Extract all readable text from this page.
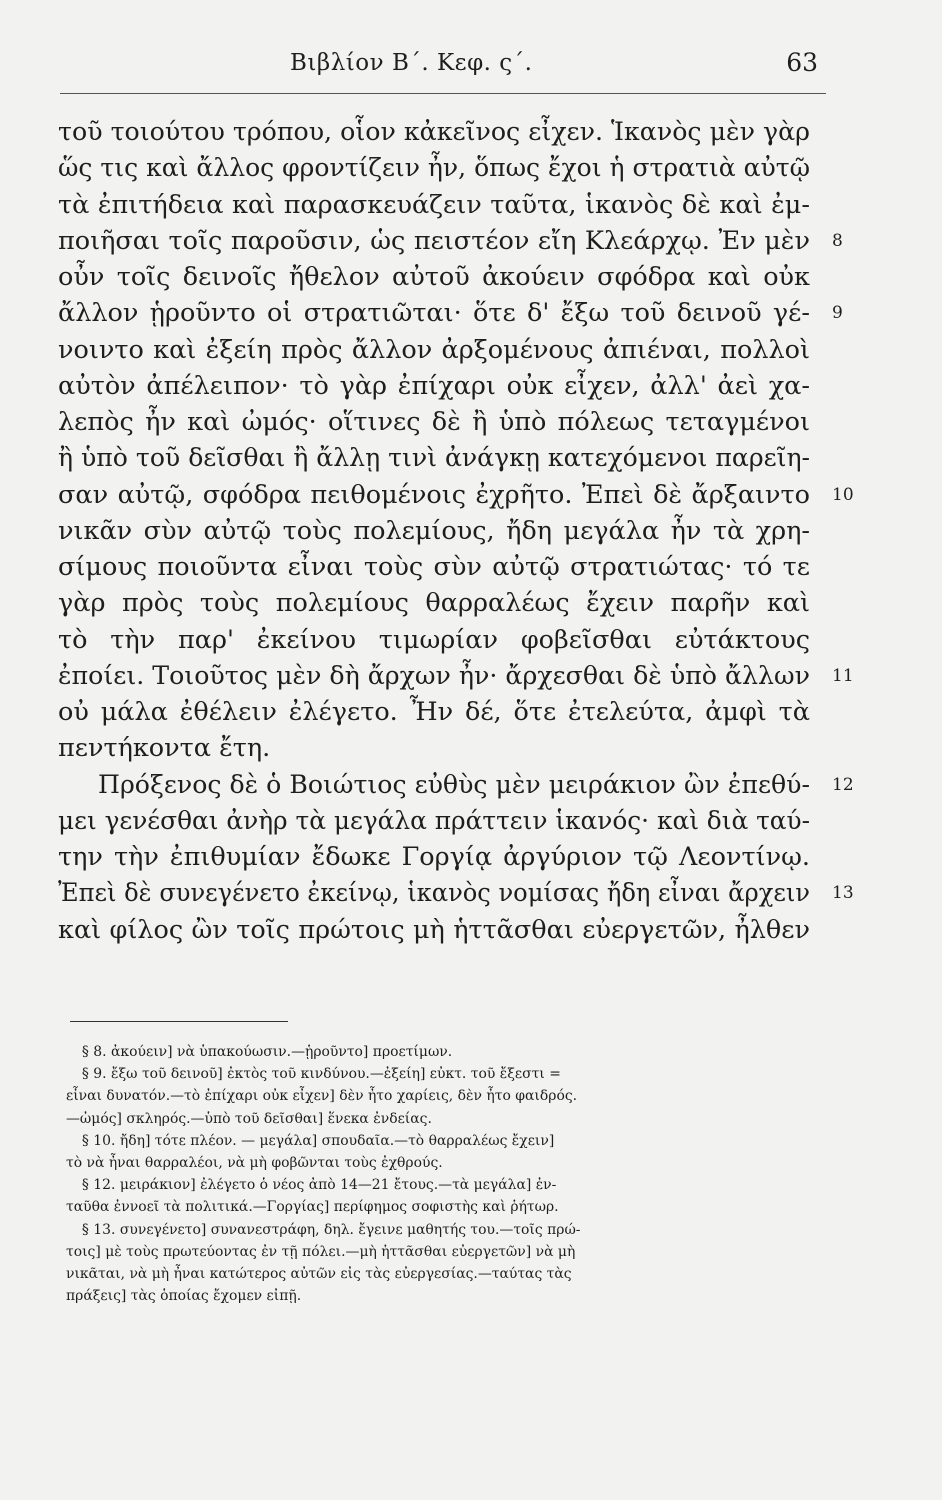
Βιβλίον Β΄. Κεφ. ς΄.	63
τοῦ τοιούτου τρόπου, οἷον κἀκεῖνος εἶχεν. Ἱκανὸς μὲν γὰρ
ὥς τις καὶ ἄλλος φροντίζειν ἦν, ὅπως ἔχοι ἡ στρατιὰ αὐτῷ
τὰ ἐπιτήδεια καὶ παρασκευάζειν ταῦτα, ἱκανὸς δὲ καὶ ἐμ-
ποιῆσαι τοῖς παροῦσιν, ὡς πειστέον εἴη Κλεάρχῳ. Ἐν μὲν 8
οὖν τοῖς δεινοῖς ἤθελον αὐτοῦ ἀκούειν σφόδρα καὶ οὐκ
ἄλλον ᾑροῦντο οἱ στρατιῶται· ὅτε δ' ἔξω τοῦ δεινοῦ γέ- 9
νοιντο καὶ ἐξείη πρὸς ἄλλον ἀρξομένους ἀπιέναι, πολλοὶ
αὐτὸν ἀπέλειπον· τὸ γὰρ ἐπίχαρι οὐκ εἶχεν, ἀλλ' ἀεὶ χα-
λεπὸς ἦν καὶ ὠμός· οἵτινες δὲ ἢ ὑπὸ πόλεως τεταγμένοι
ἢ ὑπὸ τοῦ δεῖσθαι ἢ ἄλλῃ τινὶ ἀνάγκῃ κατεχόμενοι παρεῖη-
σαν αὐτῷ, σφόδρα πειθομένοις ἐχρῆτο. Ἐπεὶ δὲ ἄρξαιντο 10
νικᾶν σὺν αὐτῷ τοὺς πολεμίους, ἤδη μεγάλα ἦν τὰ χρη-
σίμους ποιοῦντα εἶναι τοὺς σὺν αὐτῷ στρατιώτας· τό τε
γὰρ πρὸς τοὺς πολεμίους θαρραλέως ἔχειν παρῆν καὶ
τὸ τὴν παρ' ἐκείνου τιμωρίαν φοβεῖσθαι εὐτάκτους
ἐποίει. Τοιοῦτος μὲν δὴ ἄρχων ἦν· ἄρχεσθαι δὲ ὑπὸ ἄλλων 11
οὐ μάλα ἐθέλειν ἐλέγετο. Ἦν δέ, ὅτε ἐτελεύτα, ἀμφὶ τὰ
πεντήκοντα ἔτη.
Πρόξενος δὲ ὁ Βοιώτιος εὐθὺς μὲν μειράκιον ὢν ἐπεθύ- 12
μει γενέσθαι ἀνὴρ τὰ μεγάλα πράττειν ἱκανός· καὶ διὰ ταύ-
την τὴν ἐπιθυμίαν ἔδωκε Γοργίᾳ ἀργύριον τῷ Λεοντίνῳ.
Ἐπεὶ δὲ συνεγένετο ἐκείνῳ, ἱκανὸς νομίσας ἤδη εἶναι ἄρχειν 13
καὶ φίλος ὢν τοῖς πρώτοις μὴ ἡττᾶσθαι εὐεργετῶν, ἦλθεν
§ 8. ἀκούειν] νὰ ὑπακούωσιν.—ᾑροῦντο] προετίμων.
§ 9. ἔξω τοῦ δεινοῦ] ἐκτὸς τοῦ κινδύνου.—ἐξείη] εὐκτ. τοῦ ἔξεστι =
εἶναι δυνατόν.—τὸ ἐπίχαρι οὐκ εἶχεν] δὲν ἦτο χαρίεις, δὲν ἦτο φαιδρός.
—ὠμός] σκληρός.—ὑπὸ τοῦ δεῖσθαι] ἕνεκα ἐνδείας.
§ 10. ἤδη] τότε πλέον. — μεγάλα] σπουδαῖα.—τὸ θαρραλέως ἔχειν]
τὸ νὰ ἦναι θαρραλέοι, νὰ μὴ φοβῶνται τοὺς ἐχθρούς.
§ 12. μειράκιον] ἐλέγετο ὁ νέος ἀπὸ 14—21 ἔτους.—τὰ μεγάλα] ἐν-
ταῦθα ἐννοεῖ τὰ πολιτικά.—Γοργίας] περίφημος σοφιστὴς καὶ ῥήτωρ.
§ 13. συνεγένετο] συνανεστράφη, δηλ. ἔγεινε μαθητής του.—τοῖς πρώ-
τοις] μὲ τοὺς πρωτεύοντας ἐν τῇ πόλει.—μὴ ἡττᾶσθαι εὐεργετῶν] νὰ μὴ
νικᾶται, νὰ μὴ ἦναι κατώτερος αὐτῶν εἰς τὰς εὐεργεσίας.—ταύτας τὰς
πράξεις] τὰς ὁποίας ἔχομεν εἰπῇ.
